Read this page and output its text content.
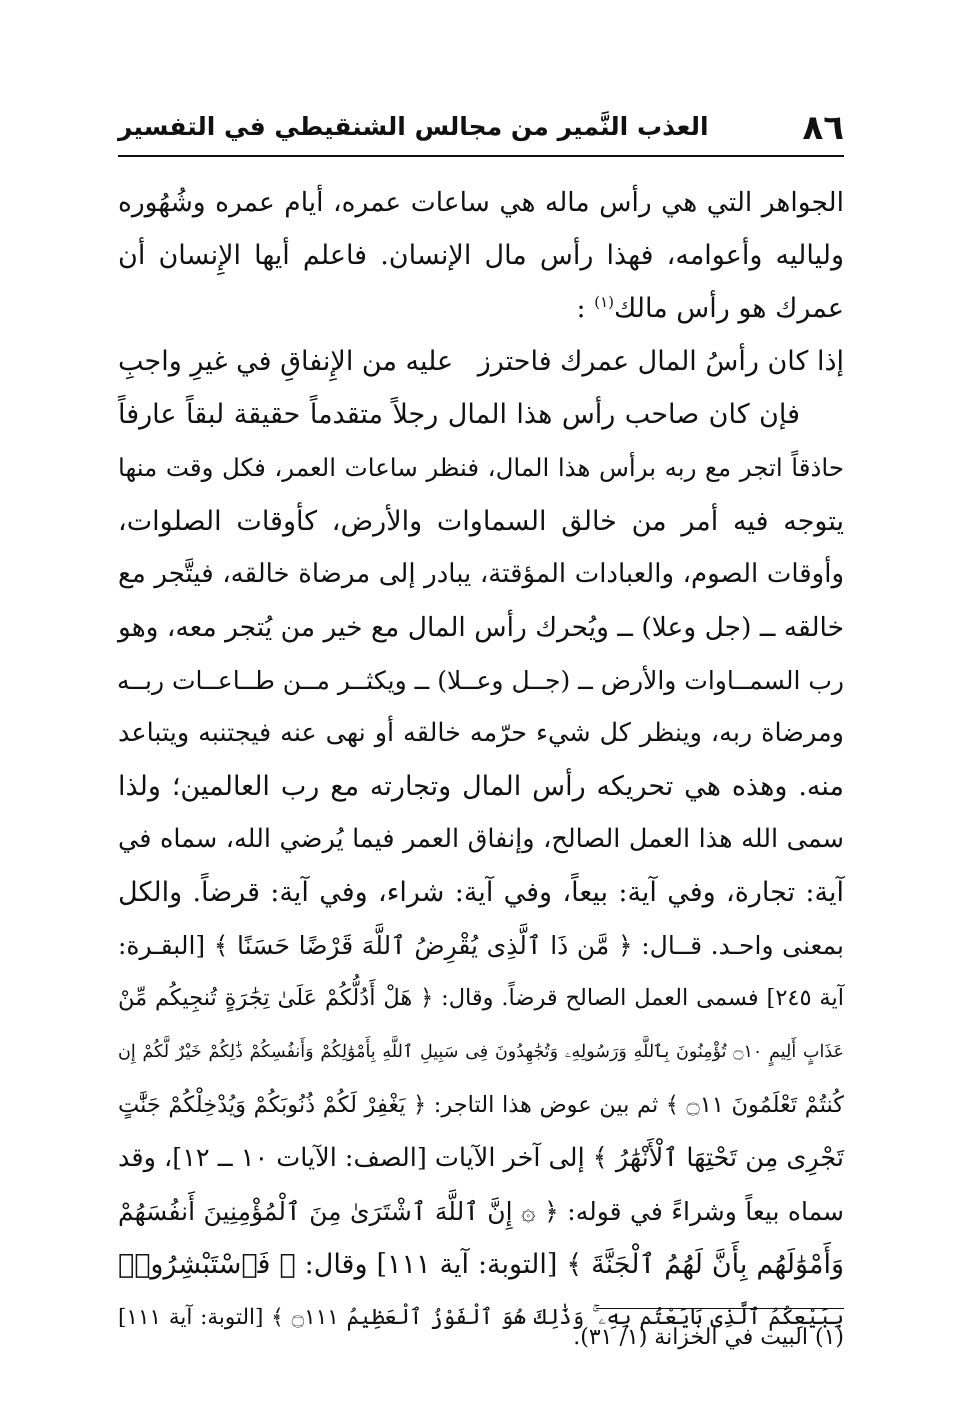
٨٦
العذب النَّمير من مجالس الشنقيطي في التفسير
الجواهر التي هي رأس ماله هي ساعات عمره، أيام عمره وشُهُوره
ولياليه وأعوامه، فهذا رأس مال الإنسان. فاعلم أيها الإِنسان أن
عمرك هو رأس مالك$^{(١)}$ :
إذا كان رأسُ المال عمرك فاحترز
عليه من الإِنفاقِ في غيرِ واجبِ
فإن كان صاحب رأس هذا المال رجلاً متقدماً حقيقة لبقاً عارفاً
حاذقاً اتجر مع ربه برأس هذا المال، فنظر ساعات العمر، فكل وقت منها
يتوجه فيه أمر من خالق السماوات والأرض، كأوقات الصلوات،
وأوقات الصوم، والعبادات المؤقتة، يبادر إلى مرضاة خالقه، فيتَّجر مع
خالقه ــ (جل وعلا) ــ ويُحرك رأس المال مع خير من يُتجر معه، وهو
رب السمــاوات والأرض ــ (جــل وعــلا) ــ ويكثــر مــن طــاعــات ربــه
ومرضاة ربه، وينظر كل شيء حرّمه خالقه أو نهى عنه فيجتنبه ويتباعد
منه. وهذه هي تحريكه رأس المال وتجارته مع رب العالمين؛ ولذا
سمى الله هذا العمل الصالح، وإنفاق العمر فيما يُرضي الله، سماه في
آية: تجارة، وفي آية: بيعاً، وفي آية: شراء، وفي آية: قرضاً. والكل
بمعنى واحـد. قــال: ﴿ مَّن ذَا ٱلَّذِى يُقْرِضُ ٱللَّهَ قَرْضًا حَسَنًا ﴾ [البقـرة:
آية ٢٤٥] فسمى العمل الصالح قرضاً. وقال: ﴿ هَلْ أَدُلُّكُمْ عَلَىٰ تِجَٰرَةٍ تُنجِيكُم مِّنْ
عَذَابٍ أَلِيمٍ ۝١٠ تُؤْمِنُونَ بِٱللَّهِ وَرَسُولِهِۦ وَتُجَٰهِدُونَ فِى سَبِيلِ ٱللَّهِ بِأَمْوَٰلِكُمْ وَأَنفُسِكُمْ ذَٰلِكُمْ خَيْرٌ لَّكُمْ إِن
كُنتُمْ تَعْلَمُونَ ۝١١ ﴾ ثم بين عوض هذا التاجر: ﴿ يَغْفِرْ لَكُمْ ذُنُوبَكُمْ وَيُدْخِلْكُمْ جَنَّٰتٍ
تَجْرِى مِن تَحْتِهَا ٱلْأَنْهَٰرُ ﴾ إلى آخر الآيات [الصف: الآيات ١٠ ــ ١٢]، وقد
سماه بيعاً وشراءً في قوله: ﴿ ۞ إِنَّ ٱللَّهَ ٱشْتَرَىٰ مِنَ ٱلْمُؤْمِنِينَ أَنفُسَهُمْ
وَأَمْوَٰلَهُم بِأَنَّ لَهُمُ ٱلْجَنَّةَ ﴾ [التوبة: آية ١١١] وقال: ﴿ فَٱسْتَبْشِرُوا۟
بِبَيْعِكُمُ ٱلَّذِى بَايَعْتُم بِهِۦ ۚ وَذَٰلِكَ هُوَ ٱلْفَوْزُ ٱلْعَظِيمُ ۝١١١ ﴾ [التوبة: آية ١١١]
(١) البيت في الخزانة (١/ ٣١).
